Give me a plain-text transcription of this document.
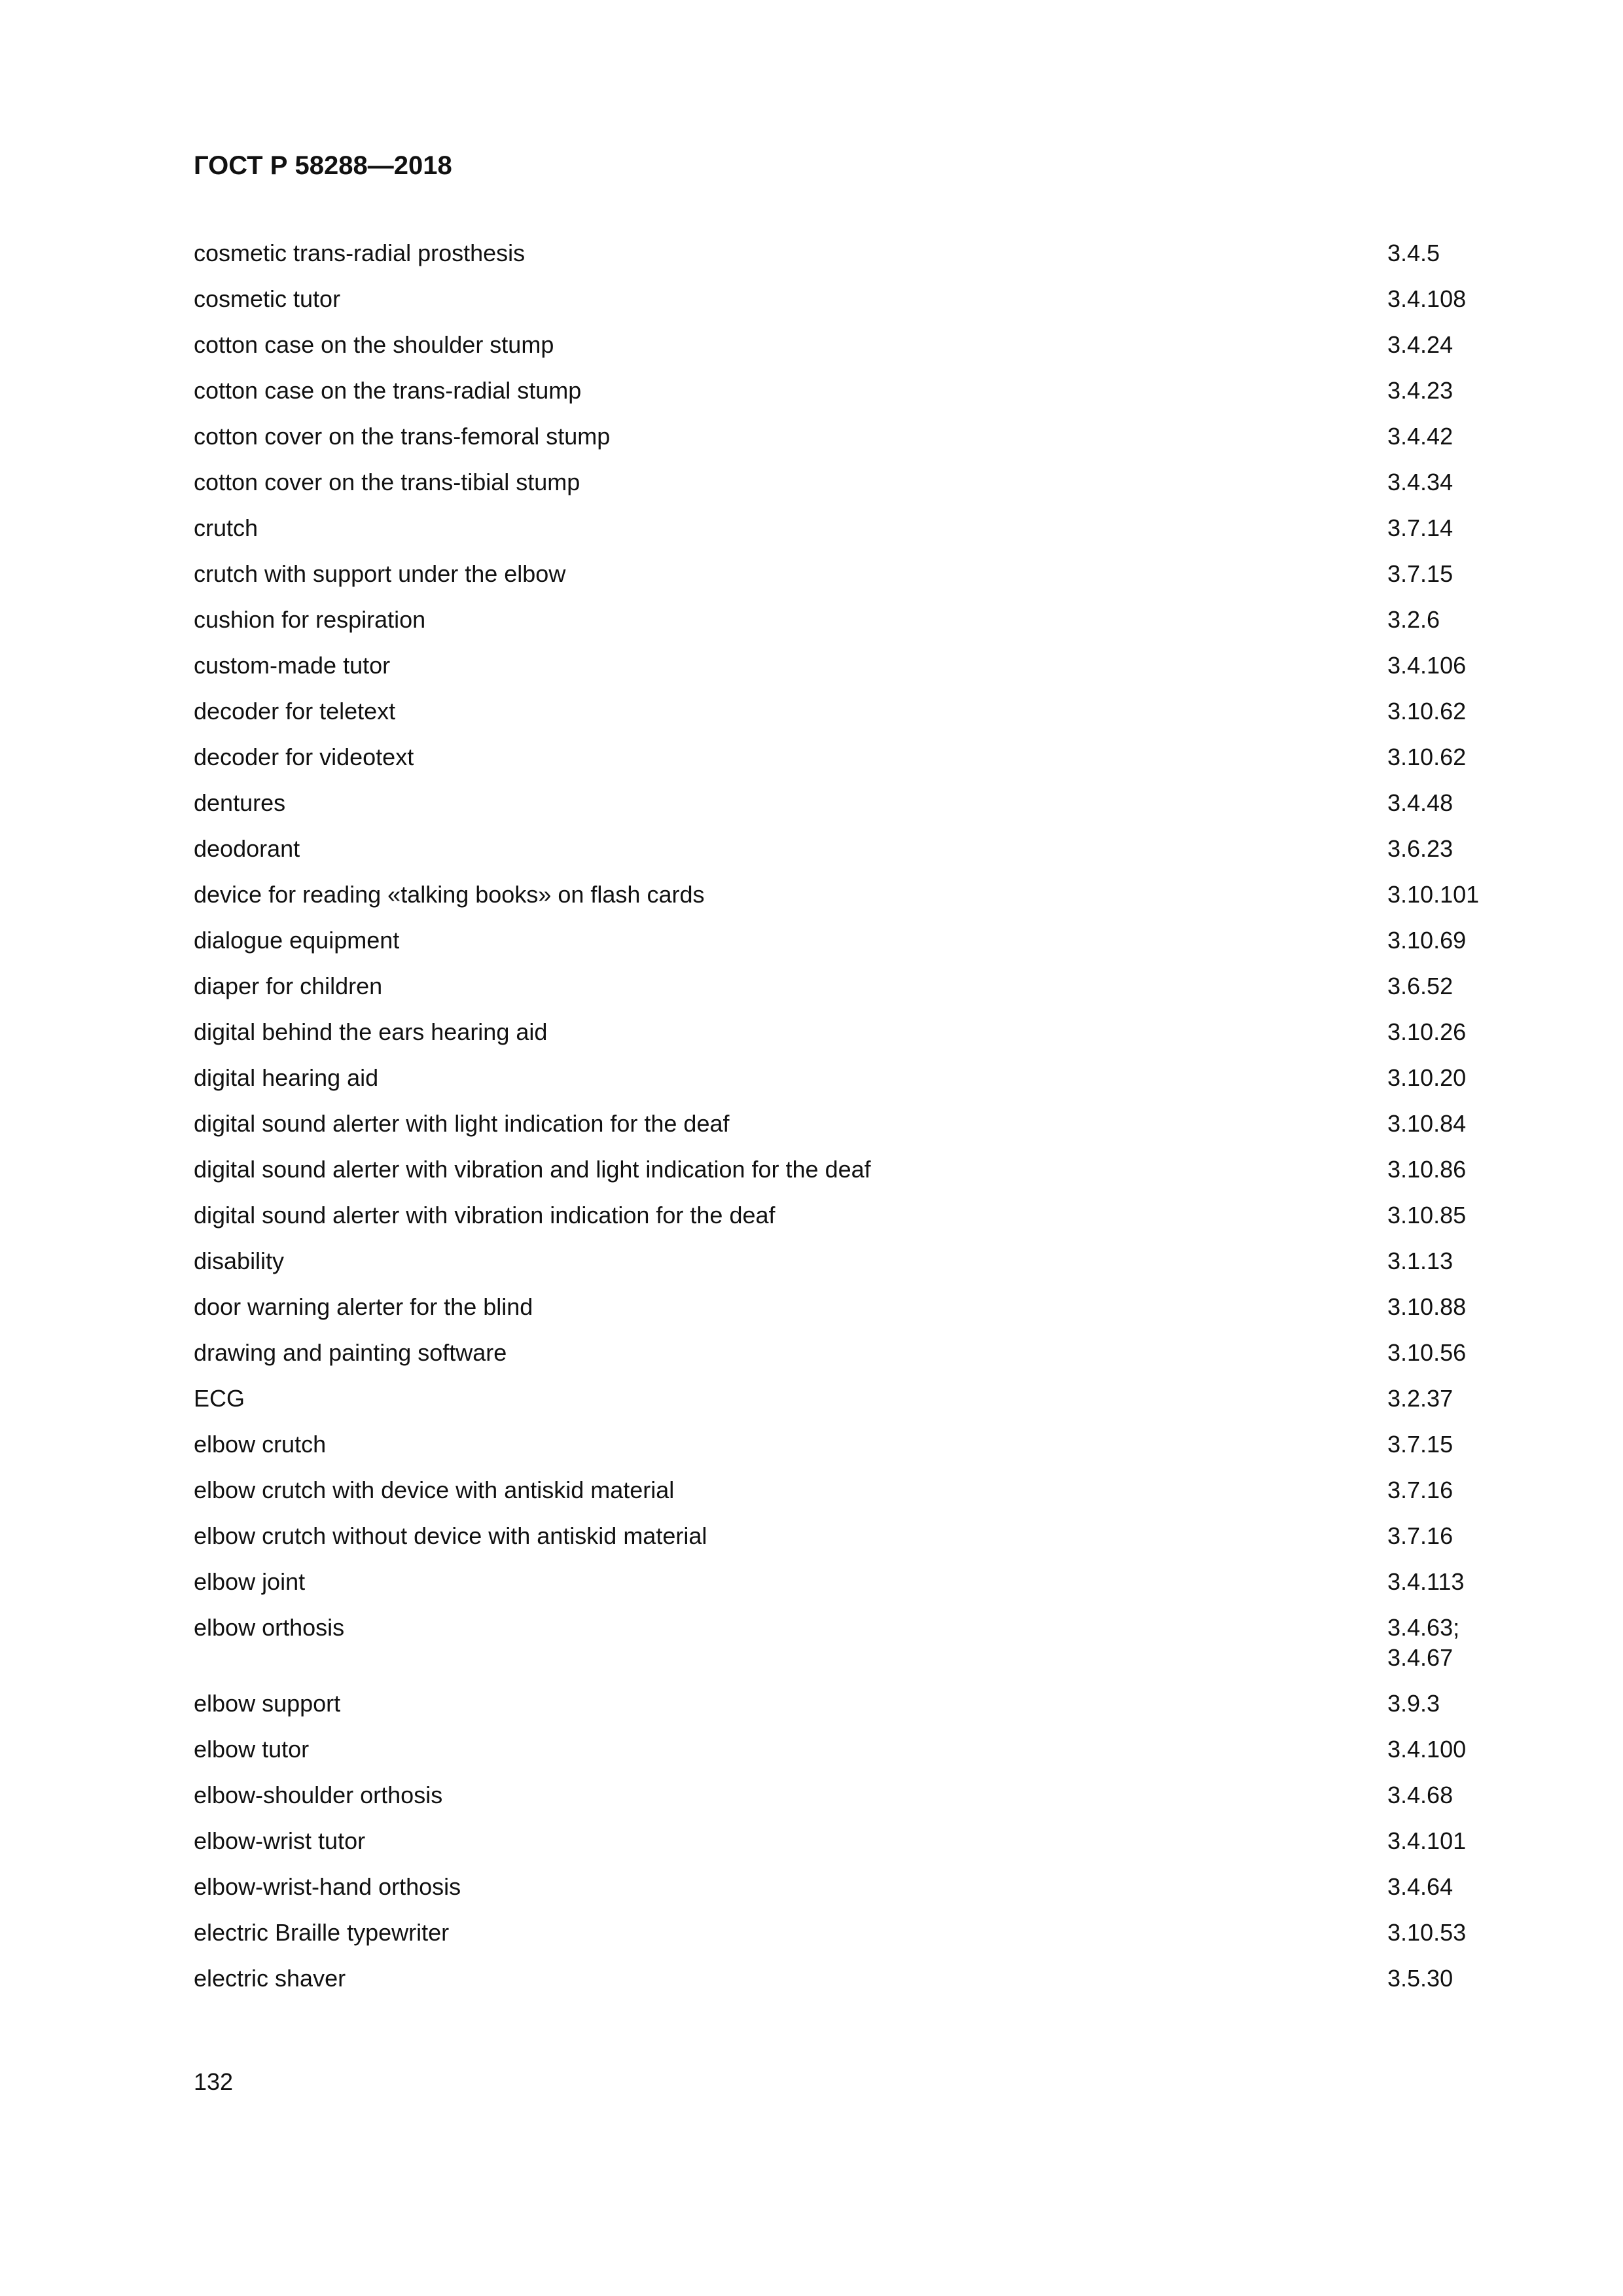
ГОСТ Р 58288—2018
cosmetic trans-radial prosthesis	3.4.5
cosmetic tutor	3.4.108
cotton case on the shoulder stump	3.4.24
cotton case on the trans-radial stump	3.4.23
cotton cover on the trans-femoral stump	3.4.42
cotton cover on the trans-tibial stump	3.4.34
crutch	3.7.14
crutch with support under the elbow	3.7.15
cushion for respiration	3.2.6
custom-made tutor	3.4.106
decoder for teletext	3.10.62
decoder for videotext	3.10.62
dentures	3.4.48
deodorant	3.6.23
device for reading «talking books» on flash cards	3.10.101
dialogue equipment	3.10.69
diaper for children	3.6.52
digital behind the ears hearing aid	3.10.26
digital hearing aid	3.10.20
digital sound alerter with light indication for the deaf	3.10.84
digital sound alerter with vibration and light indication for the deaf	3.10.86
digital sound alerter with vibration indication for the deaf	3.10.85
disability	3.1.13
door warning alerter for the blind	3.10.88
drawing and painting software	3.10.56
ECG	3.2.37
elbow crutch	3.7.15
elbow crutch with device with antiskid material	3.7.16
elbow crutch without device with antiskid material	3.7.16
elbow joint	3.4.113
elbow orthosis	3.4.63;
3.4.67
elbow support	3.9.3
elbow tutor	3.4.100
elbow-shoulder orthosis	3.4.68
elbow-wrist tutor	3.4.101
elbow-wrist-hand orthosis	3.4.64
electric Braille typewriter	3.10.53
electric shaver	3.5.30
132
